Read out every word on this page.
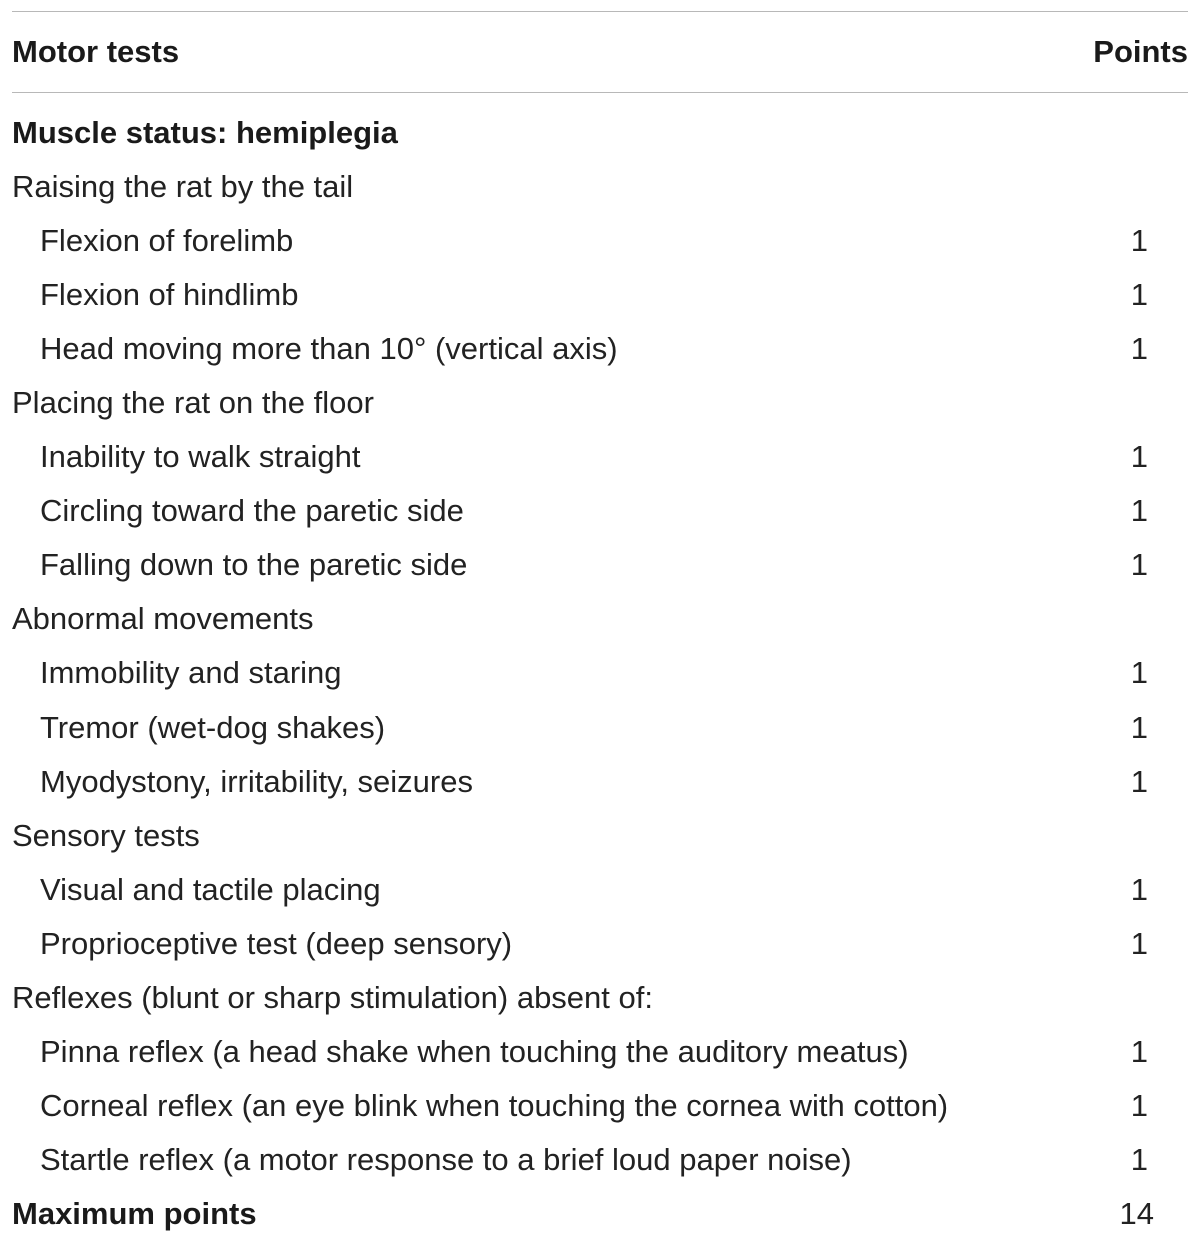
Motor tests	Points
Muscle status: hemiplegia
Raising the rat by the tail
Flexion of forelimb	1
Flexion of hindlimb	1
Head moving more than 10° (vertical axis)	1
Placing the rat on the floor
Inability to walk straight	1
Circling toward the paretic side	1
Falling down to the paretic side	1
Abnormal movements
Immobility and staring	1
Tremor (wet-dog shakes)	1
Myodystony, irritability, seizures	1
Sensory tests
Visual and tactile placing	1
Proprioceptive test (deep sensory)	1
Reflexes (blunt or sharp stimulation) absent of:
Pinna reflex (a head shake when touching the auditory meatus)	1
Corneal reflex (an eye blink when touching the cornea with cotton)	1
Startle reflex (a motor response to a brief loud paper noise)	1
Maximum points	14
